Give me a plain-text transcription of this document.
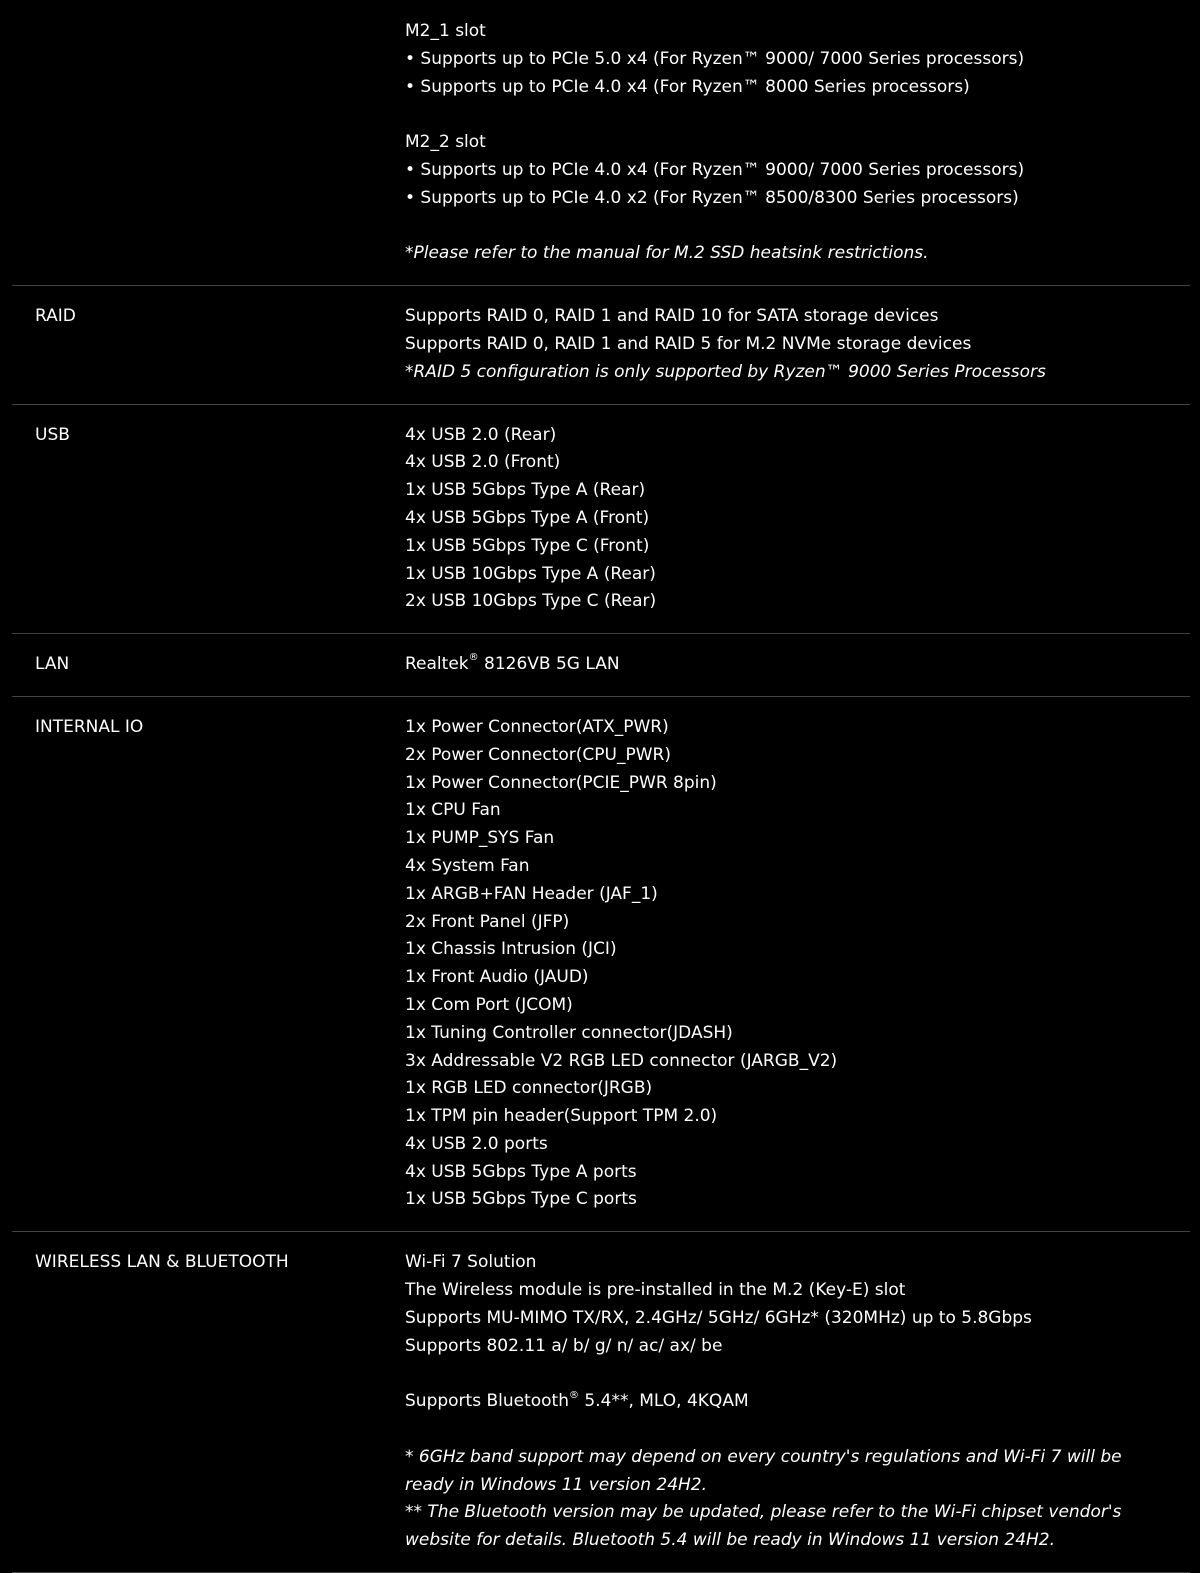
M2_1 slot
• Supports up to PCIe 5.0 x4 (For Ryzen™ 9000/ 7000 Series processors)
• Supports up to PCIe 4.0 x4 (For Ryzen™ 8000 Series processors)
M2_2 slot
• Supports up to PCIe 4.0 x4 (For Ryzen™ 9000/ 7000 Series processors)
• Supports up to PCIe 4.0 x2 (For Ryzen™ 8500/8300 Series processors)
*Please refer to the manual for M.2 SSD heatsink restrictions.
RAID	Supports RAID 0, RAID 1 and RAID 10 for SATA storage devices
Supports RAID 0, RAID 1 and RAID 5 for M.2 NVMe storage devices
*RAID 5 configuration is only supported by Ryzen™ 9000 Series Processors
USB	4x USB 2.0 (Rear)
4x USB 2.0 (Front)
1x USB 5Gbps Type A (Rear)
4x USB 5Gbps Type A (Front)
1x USB 5Gbps Type C (Front)
1x USB 10Gbps Type A (Rear)
2x USB 10Gbps Type C (Rear)
LAN	Realtek® 8126VB 5G LAN
INTERNAL IO	1x Power Connector(ATX_PWR)
2x Power Connector(CPU_PWR)
1x Power Connector(PCIE_PWR 8pin)
1x CPU Fan
1x PUMP_SYS Fan
4x System Fan
1x ARGB+FAN Header (JAF_1)
2x Front Panel (JFP)
1x Chassis Intrusion (JCI)
1x Front Audio (JAUD)
1x Com Port (JCOM)
1x Tuning Controller connector(JDASH)
3x Addressable V2 RGB LED connector (JARGB_V2)
1x RGB LED connector(JRGB)
1x TPM pin header(Support TPM 2.0)
4x USB 2.0 ports
4x USB 5Gbps Type A ports
1x USB 5Gbps Type C ports
WIRELESS LAN & BLUETOOTH	Wi-Fi 7 Solution
The Wireless module is pre-installed in the M.2 (Key-E) slot
Supports MU-MIMO TX/RX, 2.4GHz/ 5GHz/ 6GHz* (320MHz) up to 5.8Gbps
Supports 802.11 a/ b/ g/ n/ ac/ ax/ be
Supports Bluetooth® 5.4**, MLO, 4KQAM
* 6GHz band support may depend on every country's regulations and Wi-Fi 7 will be ready in Windows 11 version 24H2.
** The Bluetooth version may be updated, please refer to the Wi-Fi chipset vendor's website for details. Bluetooth 5.4 will be ready in Windows 11 version 24H2.
